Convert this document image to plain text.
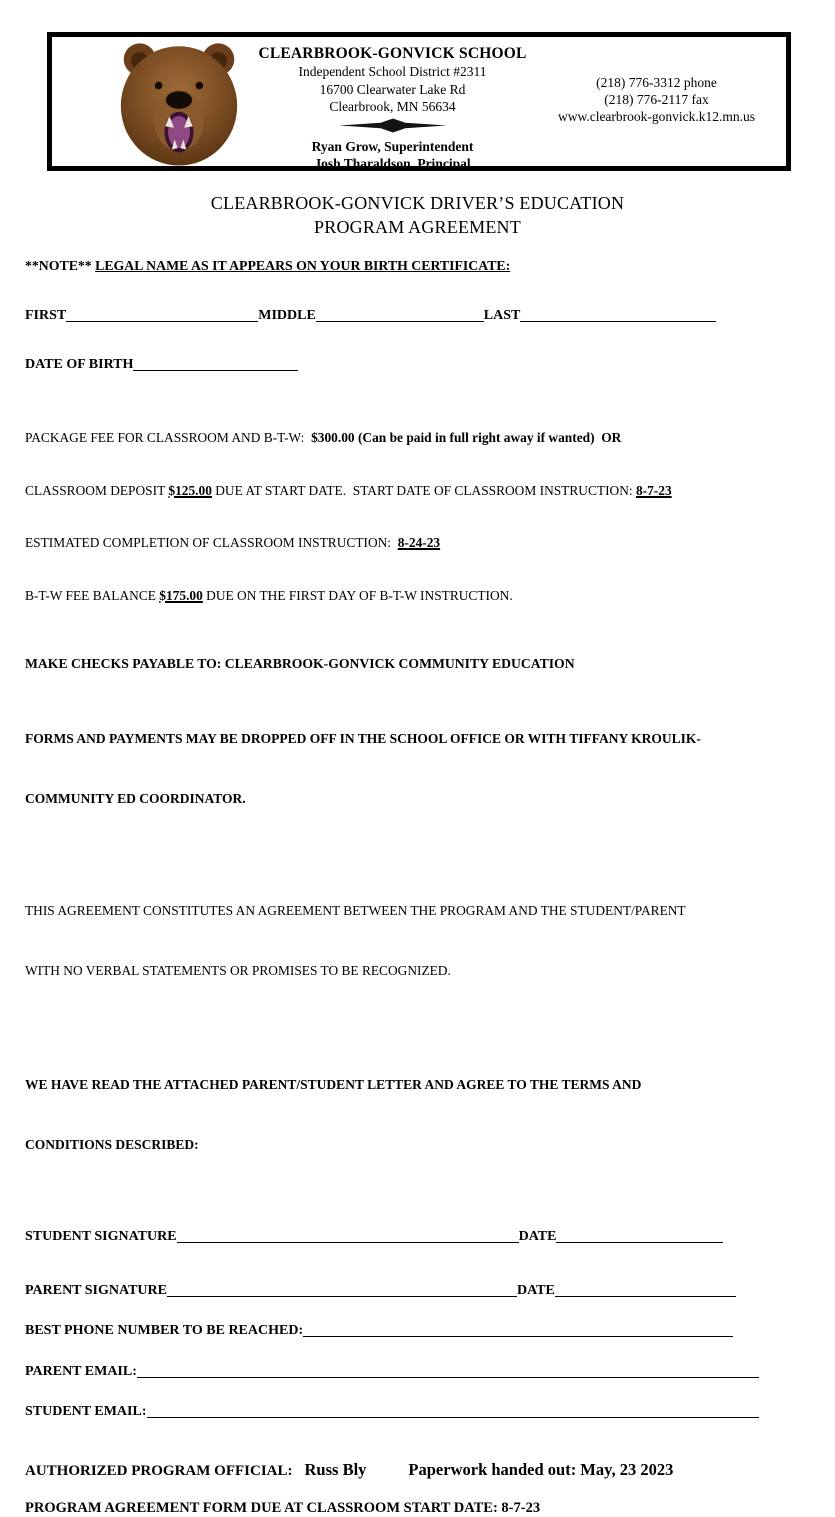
CLEARBROOK-GONVICK SCHOOL
Independent School District #2311
16700 Clearwater Lake Rd
Clearbrook, MN 56634
Ryan Grow, Superintendent
Josh Tharaldson, Principal
(218) 776-3312 phone
(218) 776-2117 fax
www.clearbrook-gonvick.k12.mn.us
CLEARBROOK-GONVICK DRIVER’S EDUCATION
PROGRAM AGREEMENT
**NOTE** LEGAL NAME AS IT APPEARS ON YOUR BIRTH CERTIFICATE:
FIRST	MIDDLE	LAST
DATE OF BIRTH

PACKAGE FEE FOR CLASSROOM AND B-T-W:  $300.00 (Can be paid in full right away if wanted)  OR

CLASSROOM DEPOSIT $125.00 DUE AT START DATE.  START DATE OF CLASSROOM INSTRUCTION: 8-7-23

ESTIMATED COMPLETION OF CLASSROOM INSTRUCTION:  8-24-23

B-T-W FEE BALANCE $175.00 DUE ON THE FIRST DAY OF B-T-W INSTRUCTION.

MAKE CHECKS PAYABLE TO: CLEARBROOK-GONVICK COMMUNITY EDUCATION

FORMS AND PAYMENTS MAY BE DROPPED OFF IN THE SCHOOL OFFICE OR WITH TIFFANY KROULIK-

COMMUNITY ED COORDINATOR.

THIS AGREEMENT CONSTITUTES AN AGREEMENT BETWEEN THE PROGRAM AND THE STUDENT/PARENT

WITH NO VERBAL STATEMENTS OR PROMISES TO BE RECOGNIZED.

WE HAVE READ THE ATTACHED PARENT/STUDENT LETTER AND AGREE TO THE TERMS AND

CONDITIONS DESCRIBED:

STUDENT SIGNATURE	DATE
PARENT SIGNATURE	DATE
BEST PHONE NUMBER TO BE REACHED:
PARENT EMAIL:
STUDENT EMAIL:
AUTHORIZED PROGRAM OFFICIAL: Russ Bly	Paperwork handed out: May, 23 2023
PROGRAM AGREEMENT FORM DUE AT CLASSROOM START DATE: 8-7-23
